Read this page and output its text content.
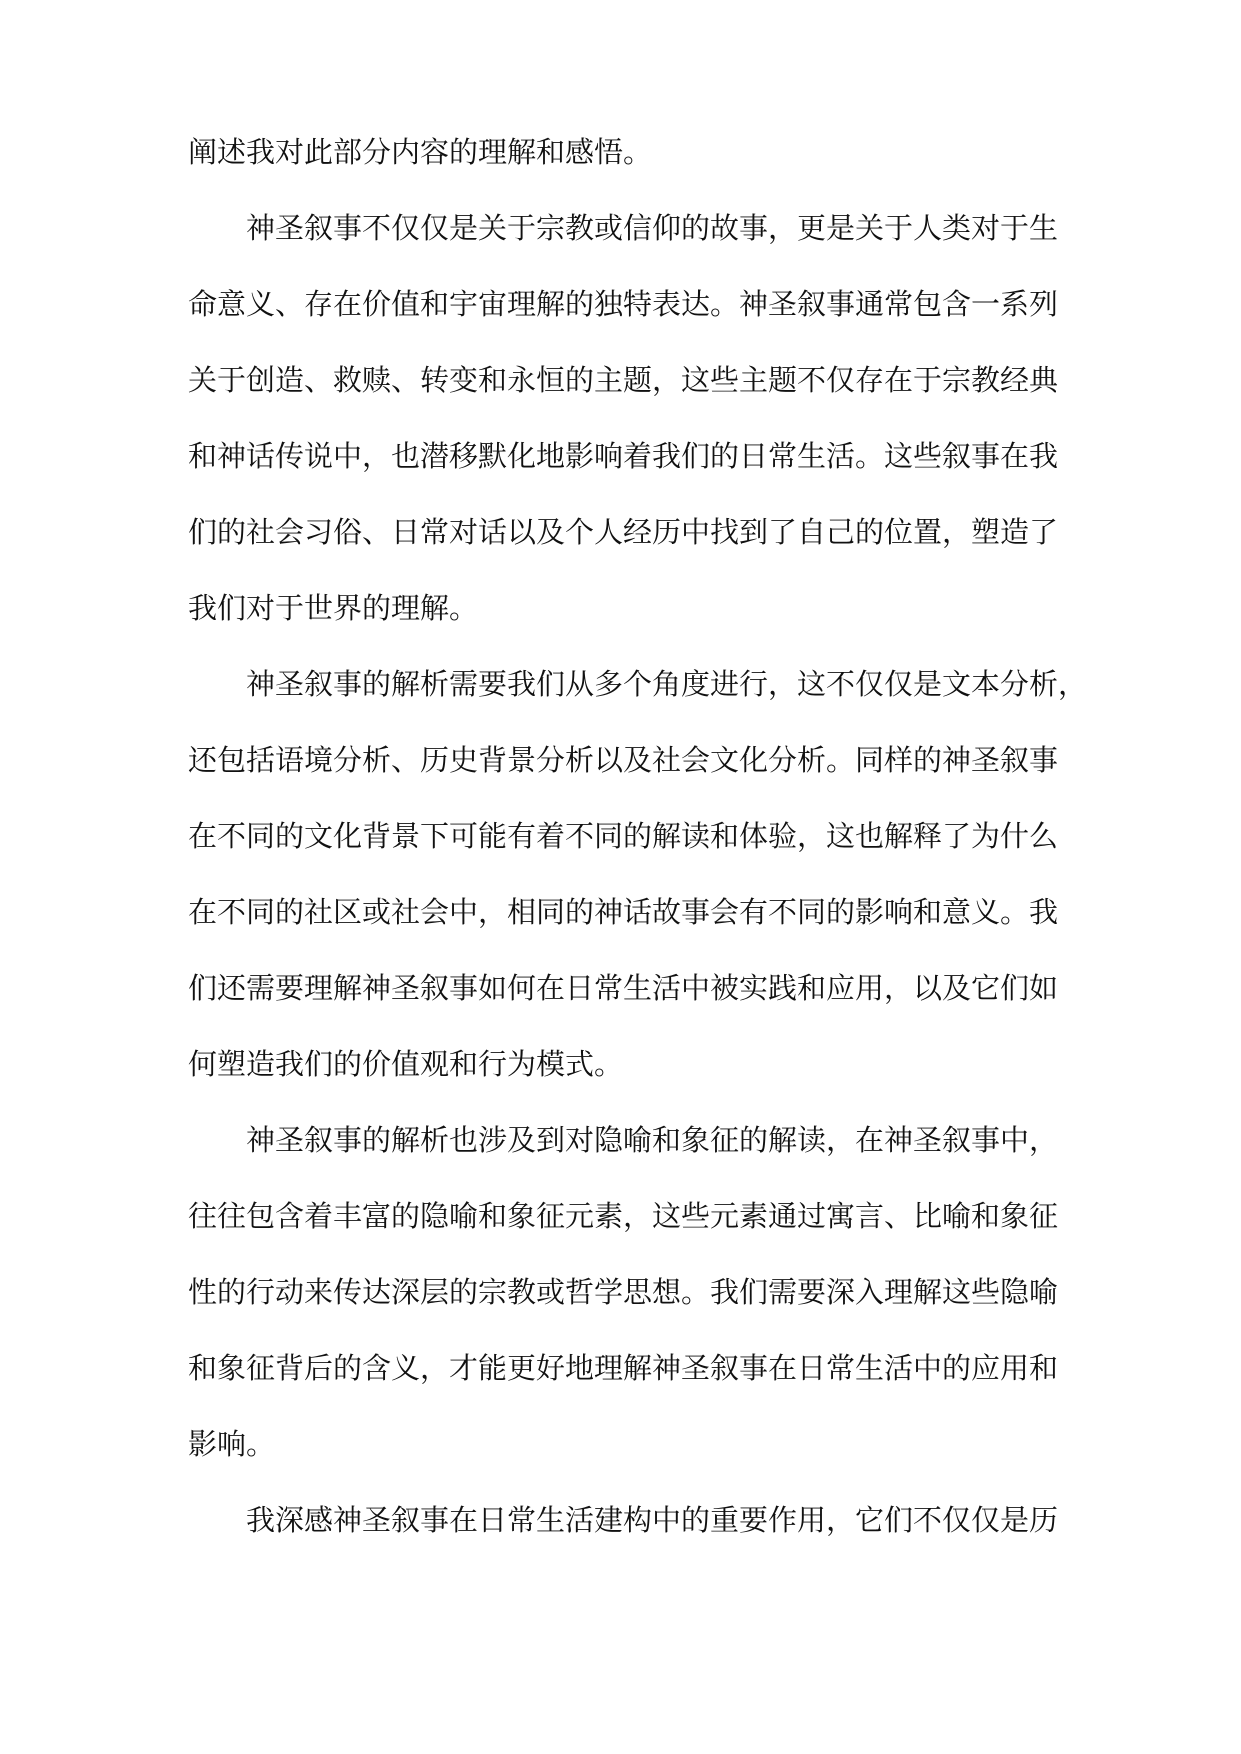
阐述我对此部分内容的理解和感悟。
神圣叙事不仅仅是关于宗教或信仰的故事，更是关于人类对于生
命意义、存在价值和宇宙理解的独特表达。神圣叙事通常包含一系列
关于创造、救赎、转变和永恒的主题，这些主题不仅存在于宗教经典
和神话传说中，也潜移默化地影响着我们的日常生活。这些叙事在我
们的社会习俗、日常对话以及个人经历中找到了自己的位置，塑造了
我们对于世界的理解。
神圣叙事的解析需要我们从多个角度进行，这不仅仅是文本分析，
还包括语境分析、历史背景分析以及社会文化分析。同样的神圣叙事
在不同的文化背景下可能有着不同的解读和体验，这也解释了为什么
在不同的社区或社会中，相同的神话故事会有不同的影响和意义。我
们还需要理解神圣叙事如何在日常生活中被实践和应用，以及它们如
何塑造我们的价值观和行为模式。
神圣叙事的解析也涉及到对隐喻和象征的解读，在神圣叙事中，
往往包含着丰富的隐喻和象征元素，这些元素通过寓言、比喻和象征
性的行动来传达深层的宗教或哲学思想。我们需要深入理解这些隐喻
和象征背后的含义，才能更好地理解神圣叙事在日常生活中的应用和
影响。
我深感神圣叙事在日常生活建构中的重要作用，它们不仅仅是历
